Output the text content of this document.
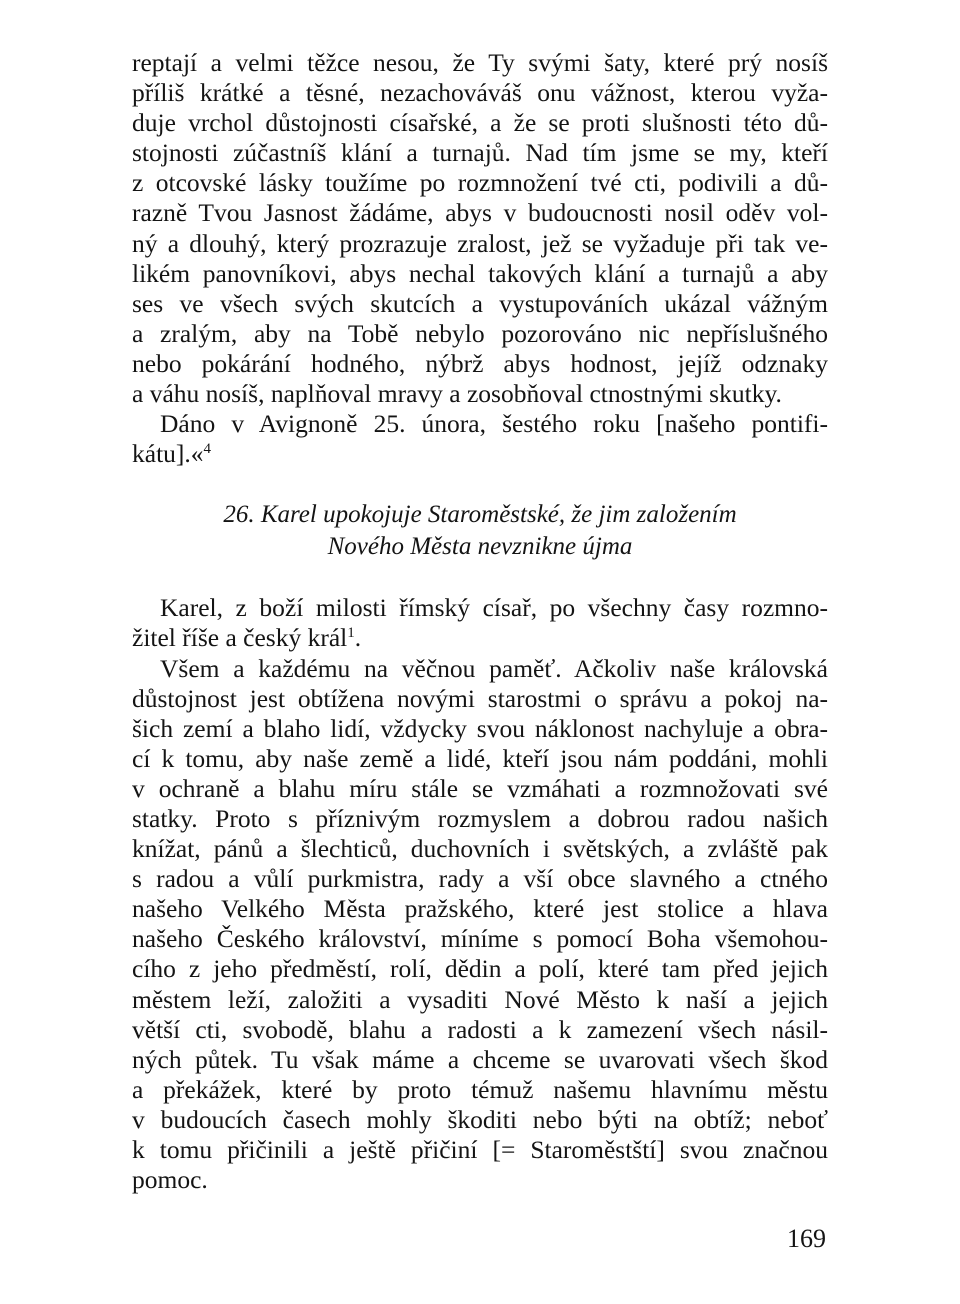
reptají a velmi těžce nesou, že Ty svými šaty, které prý nosíš
příliš krátké a těsné, nezachováváš onu vážnost, kterou vyža-
duje vrchol důstojnosti císařské, a že se proti slušnosti této dů-
stojnosti zúčastníš klání a turnajů. Nad tím jsme se my, kteří
z otcovské lásky toužíme po rozmnožení tvé cti, podivili a dů-
razně Tvou Jasnost žádáme, abys v budoucnosti nosil oděv vol-
ný a dlouhý, který prozrazuje zralost, jež se vyžaduje při tak ve-
likém panovníkovi, abys nechal takových klání a turnajů a aby
ses ve všech svých skutcích a vystupováních ukázal vážným
a zralým, aby na Tobě nebylo pozorováno nic nepříslušného
nebo pokárání hodného, nýbrž abys hodnost, jejíž odznaky
a váhu nosíš, naplňoval mravy a zosobňoval ctnostnými skutky.
Dáno v Avignoně 25. února, šestého roku [našeho pontifi-
kátu].«$^4$
26. Karel upokojuje Staroměstské, že jim založením
Nového Města nevznikne újma
Karel, z boží milosti římský císař, po všechny časy rozmno-
žitel říše a český král$^1$.
Všem a každému na věčnou paměť. Ačkoliv naše královská
důstojnost jest obtížena novými starostmi o správu a pokoj na-
šich zemí a blaho lidí, vždycky svou náklonost nachyluje a obra-
cí k tomu, aby naše země a lidé, kteří jsou nám poddáni, mohli
v ochraně a blahu míru stále se vzmáhati a rozmnožovati své
statky. Proto s příznivým rozmyslem a dobrou radou našich
knížat, pánů a šlechticů, duchovních i světských, a zvláště pak
s radou a vůlí purkmistra, rady a vší obce slavného a ctného
našeho Velkého Města pražského, které jest stolice a hlava
našeho Českého království, míníme s pomocí Boha všemohou-
cího z jeho předměstí, rolí, dědin a polí, které tam před jejich
městem leží, založiti a vysaditi Nové Město k naší a jejich
větší cti, svobodě, blahu a radosti a k zamezení všech násil-
ných půtek. Tu však máme a chceme se uvarovati všech škod
a překážek, které by proto témuž našemu hlavnímu městu
v budoucích časech mohly škoditi nebo býti na obtíž; neboť
k tomu přičinili a ještě přičiní [= Staroměstští] svou značnou
pomoc.
169
